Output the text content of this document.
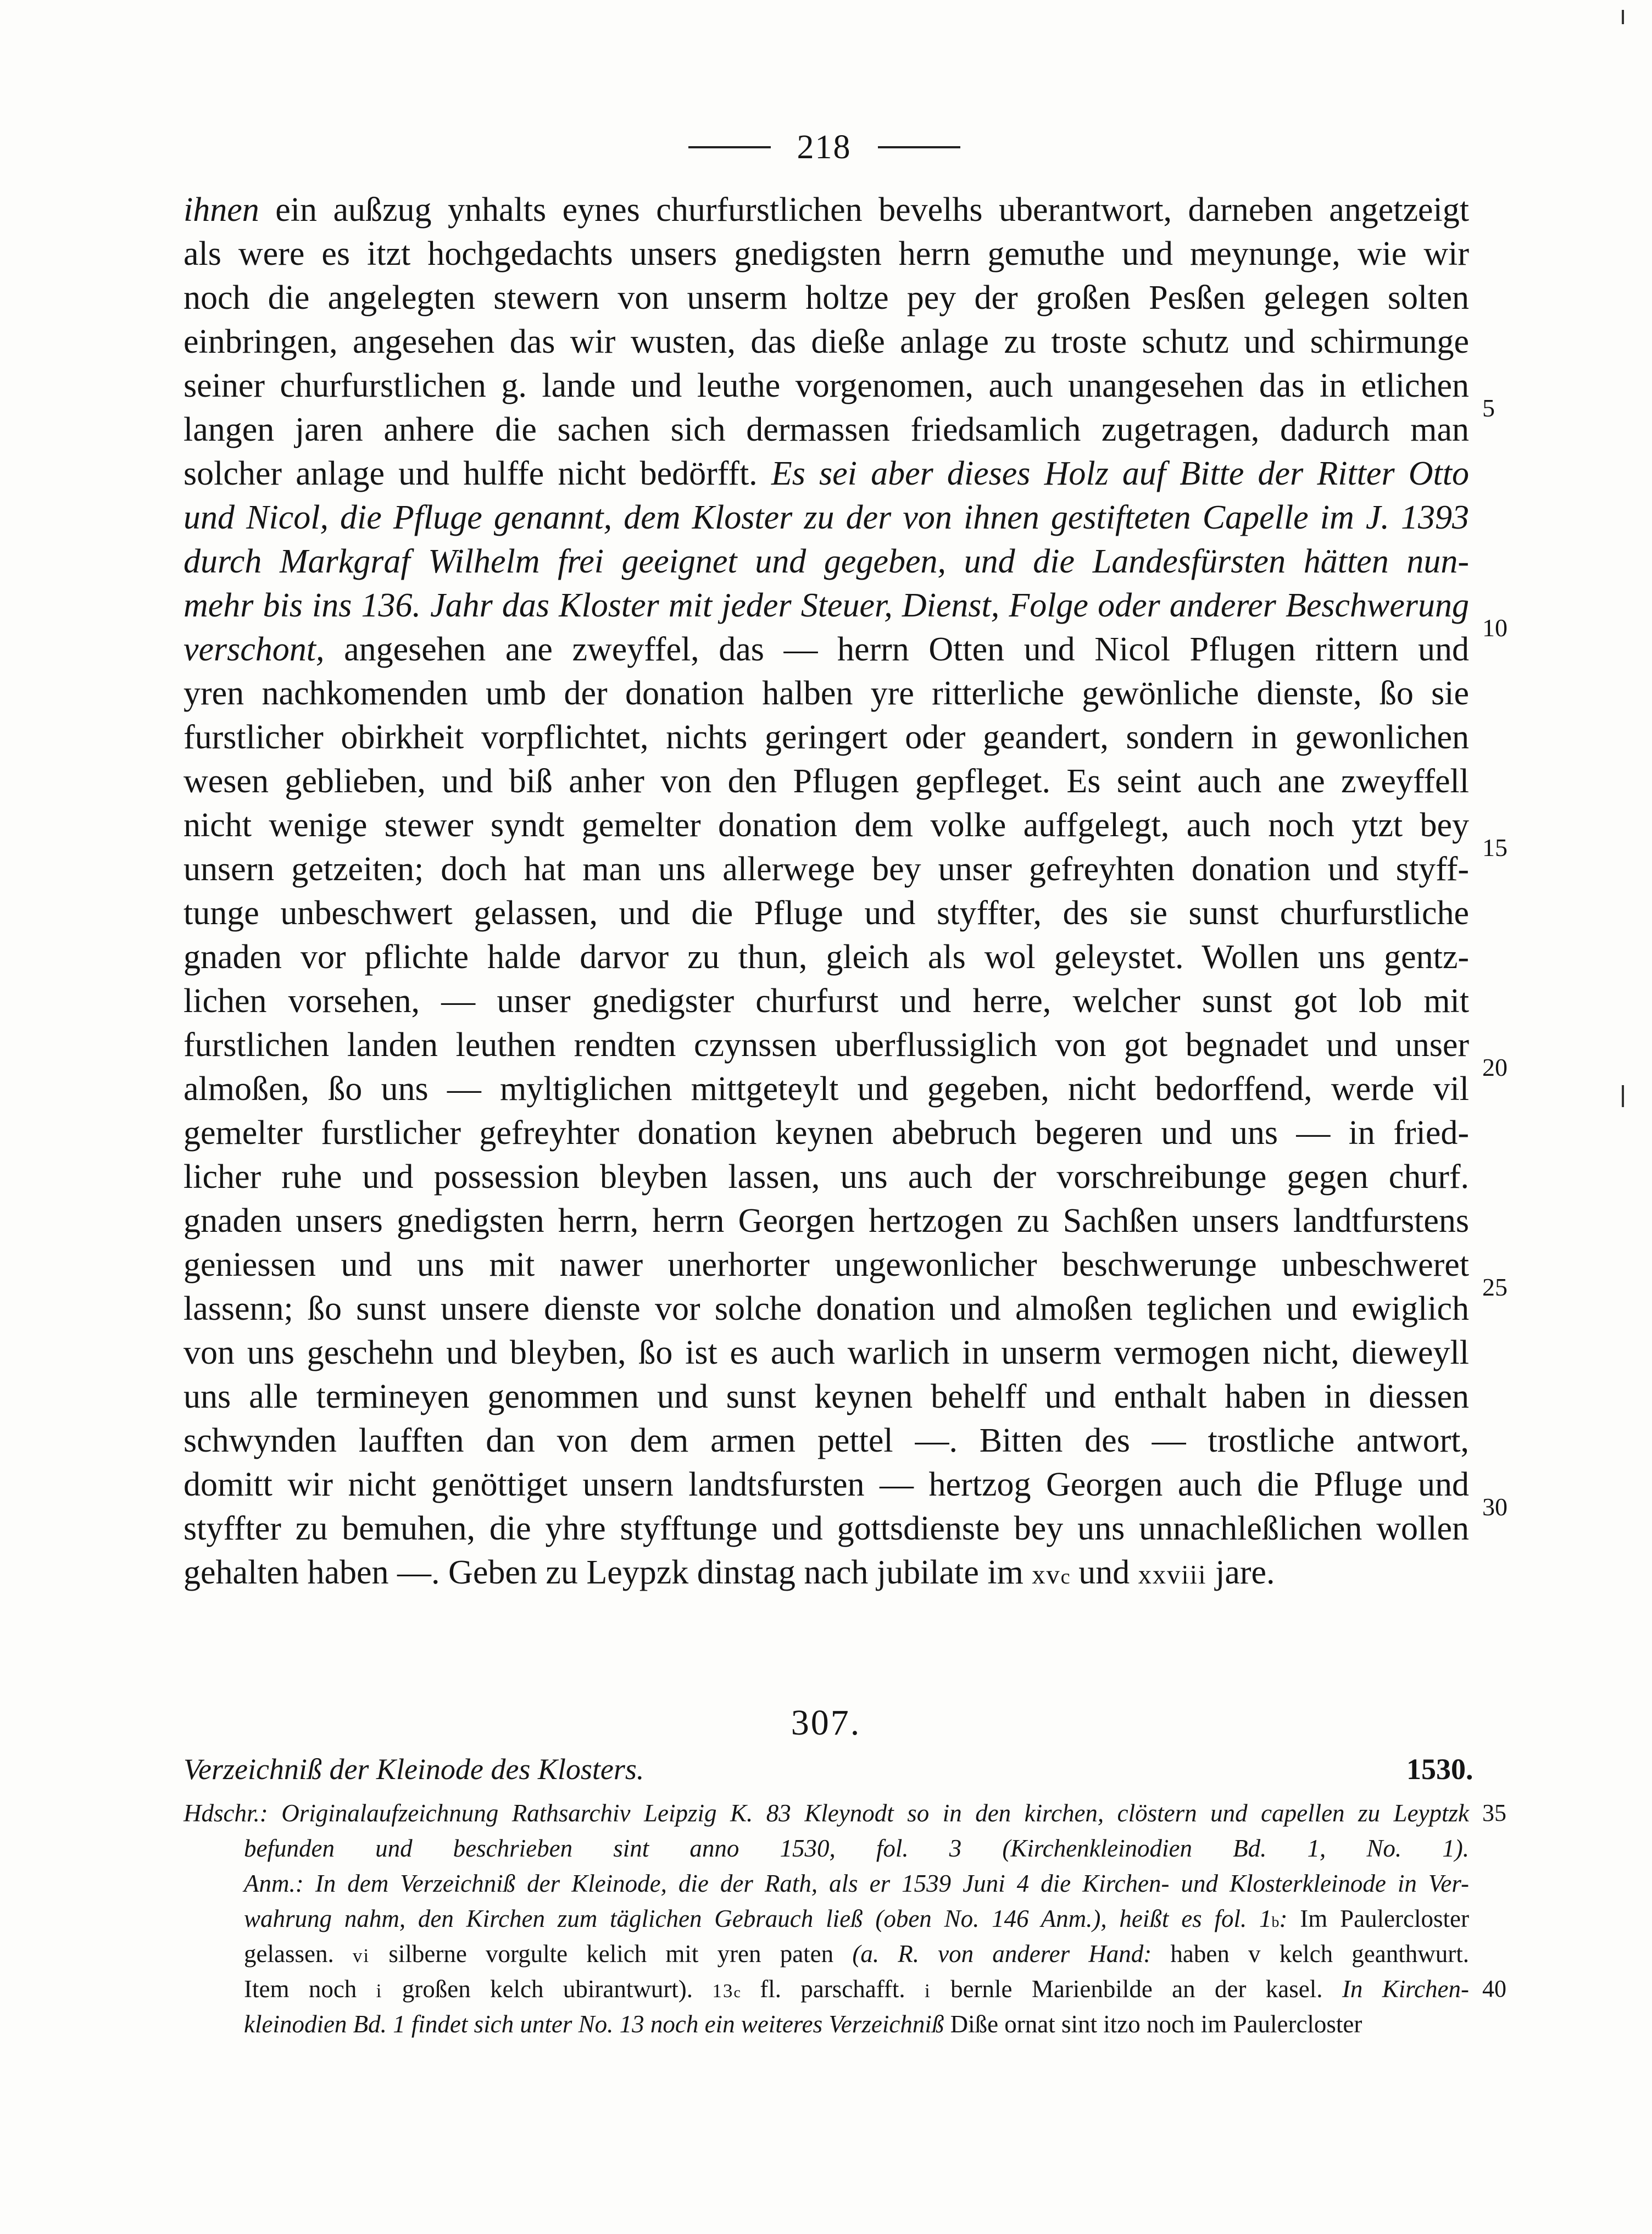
218
ihnen ein außzug ynhalts eynes churfurstlichen bevelhs uberantwort, darneben angetzeigt
als were es itzt hochgedachts unsers gnedigsten herrn gemuthe und meynunge, wie wir
noch die angelegten stewern von unserm holtze pey der großen Pesßen gelegen solten
einbringen, angesehen das wir wusten, das dieße anlage zu troste schutz und schirmunge
seiner churfurstlichen g. lande und leuthe vorgenomen, auch unangesehen das in etlichen
langen jaren anhere die sachen sich dermassen friedsamlich zugetragen, dadurch man
solcher anlage und hulffe nicht bedörfft. Es sei aber dieses Holz auf Bitte der Ritter Otto
und Nicol, die Pfluge genannt, dem Kloster zu der von ihnen gestifteten Capelle im J. 1393
durch Markgraf Wilhelm frei geeignet und gegeben, und die Landesfürsten hätten nun-
mehr bis ins 136. Jahr das Kloster mit jeder Steuer, Dienst, Folge oder anderer Beschwerung
verschont, angesehen ane zweyffel, das — herrn Otten und Nicol Pflugen rittern und
yren nachkomenden umb der donation halben yre ritterliche gewönliche dienste, ßo sie
furstlicher obirkheit vorpflichtet, nichts geringert oder geandert, sondern in gewonlichen
wesen geblieben, und biß anher von den Pflugen gepfleget. Es seint auch ane zweyffell
nicht wenige stewer syndt gemelter donation dem volke auffgelegt, auch noch ytzt bey
unsern getzeiten; doch hat man uns allerwege bey unser gefreyhten donation und styff-
tunge unbeschwert gelassen, und die Pfluge und styffter, des sie sunst churfurstliche
gnaden vor pflichte halde darvor zu thun, gleich als wol geleystet. Wollen uns gentz-
lichen vorsehen, — unser gnedigster churfurst und herre, welcher sunst got lob mit
furstlichen landen leuthen rendten czynssen uberflussiglich von got begnadet und unser
almoßen, ßo uns — myltiglichen mittgeteylt und gegeben, nicht bedorffend, werde vil
gemelter furstlicher gefreyhter donation keynen abebruch begeren und uns — in fried-
licher ruhe und possession bleyben lassen, uns auch der vorschreibunge gegen churf.
gnaden unsers gnedigsten herrn, herrn Georgen hertzogen zu Sachßen unsers landtfurstens
geniessen und uns mit nawer unerhorter ungewonlicher beschwerunge unbeschweret
lassenn; ßo sunst unsere dienste vor solche donation und almoßen teglichen und ewiglich
von uns geschehn und bleyben, ßo ist es auch warlich in unserm vermogen nicht, dieweyll
uns alle termineyen genommen und sunst keynen behelff und enthalt haben in diessen
schwynden laufften dan von dem armen pettel —. Bitten des — trostliche antwort,
domitt wir nicht genöttiget unsern landtsfursten — hertzog Georgen auch die Pfluge und
styffter zu bemuhen, die yhre styfftunge und gottsdienste bey uns unnachleßlichen wollen
gehalten haben —. Geben zu Leypzk dinstag nach jubilate im $xv^c$ und xxviii jare.
5
10
15
20
25
30
307.
Verzeichniß der Kleinode des Klosters.	1530.
Hdschr.: Originalaufzeichnung Rathsarchiv Leipzig K. 83 Kleynodt so in den kirchen, clöstern und capellen zu Leyptzk
befunden und beschrieben sint anno 1530, fol. 3 (Kirchenkleinodien Bd. 1, No. 1).
Anm.: In dem Verzeichniß der Kleinode, die der Rath, als er 1539 Juni 4 die Kirchen- und Klosterkleinode in Ver-
wahrung nahm, den Kirchen zum täglichen Gebrauch ließ (oben No. 146 Anm.), heißt es fol. 1$^b$: Im Paulercloster
gelassen. vi silberne vorgulte kelich mit yren paten (a. R. von anderer Hand: haben v kelch geanthwurt.
Item noch i großen kelch ubirantwurt). 13$^c$ fl. parschafft. i bernle Marienbilde an der kasel. In Kirchen-
kleinodien Bd. 1 findet sich unter No. 13 noch ein weiteres Verzeichniß Diße ornat sint itzo noch im Paulercloster
35
40
